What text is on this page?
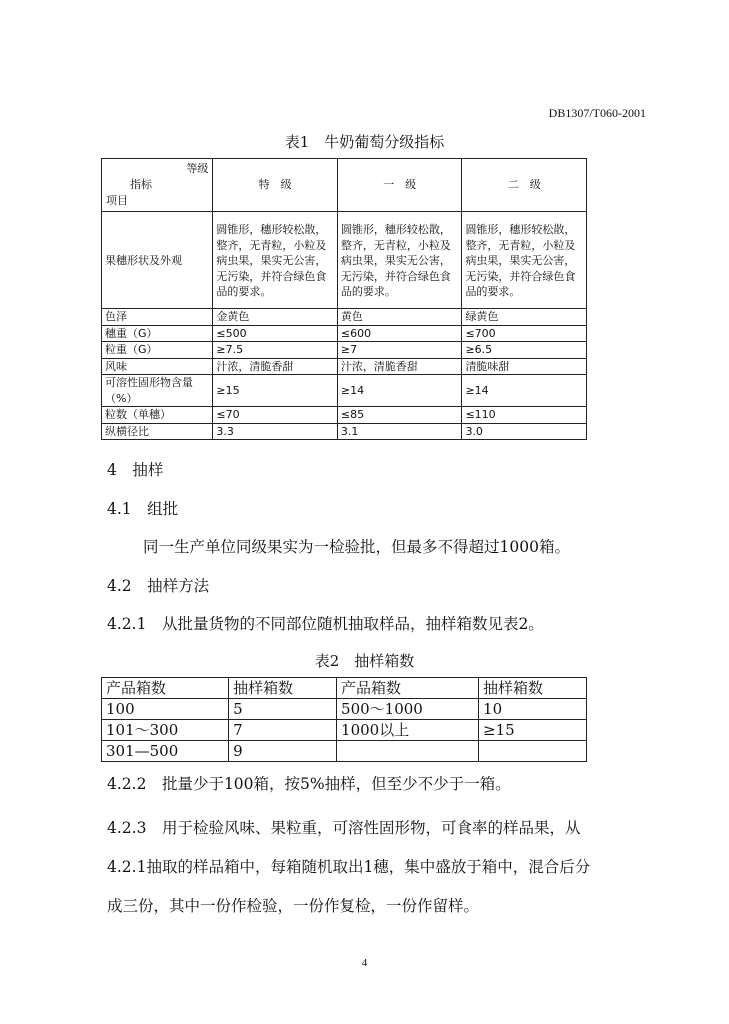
DB1307/T060-2001
表1　牛奶葡萄分级指标
等级
指标
项目	特　级	一　级	二　级
果穗形状及外观	圆锥形，穗形较松散，整齐，无青粒，小粒及病虫果，果实无公害，无污染，并符合绿色食品的要求。	圆锥形，穗形较松散，整齐，无青粒，小粒及病虫果，果实无公害，无污染，并符合绿色食品的要求。	圆锥形，穗形较松散，整齐，无青粒，小粒及病虫果，果实无公害，无污染，并符合绿色食品的要求。
色泽	金黄色	黄色	绿黄色
穗重（G）	≤500	≤600	≤700
粒重（G）	≥7.5	≥7	≥6.5
风味	汁浓，清脆香甜	汁浓，清脆香甜	清脆味甜
可溶性固形物含量（%）	≥15	≥14	≥14
粒数（单穗）	≤70	≤85	≤110
纵横径比	3.3	3.1	3.0
4　抽样
4.1　组批
同一生产单位同级果实为一检验批，但最多不得超过1000箱。
4.2　抽样方法
4.2.1　从批量货物的不同部位随机抽取样品，抽样箱数见表2。
表2　抽样箱数
产品箱数	抽样箱数	产品箱数	抽样箱数
100	5	500～1000	10
101～300	7	1000以上	≥15
301—500	9		
4.2.2　批量少于100箱，按5%抽样，但至少不少于一箱。
4.2.3　用于检验风味、果粒重，可溶性固形物，可食率的样品果，从
4.2.1抽取的样品箱中，每箱随机取出1穗，集中盛放于箱中，混合后分
成三份，其中一份作检验，一份作复检，一份作留样。
4
